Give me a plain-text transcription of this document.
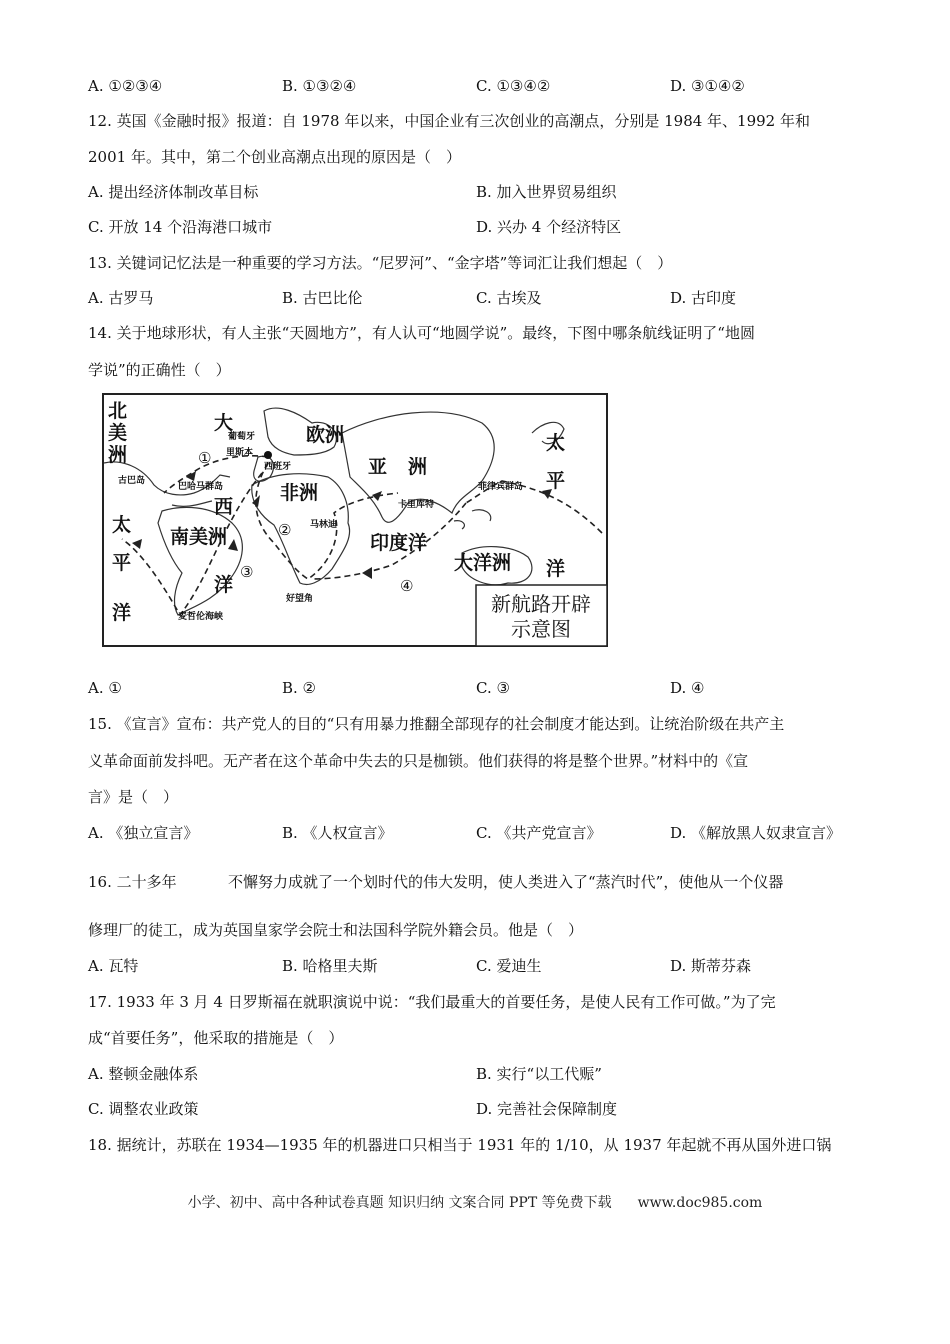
A. ①②③④	B. ①③②④	C. ①③④②	D. ③①④②
12. 英国《金融时报》报道：自 1978 年以来，中国企业有三次创业的高潮点，分别是 1984 年、1992 年和
2001 年。其中，第二个创业高潮点出现的原因是（　）
A. 提出经济体制改革目标	B. 加入世界贸易组织
C. 开放 14 个沿海港口城市	D. 兴办 4 个经济特区
13. 关键词记忆法是一种重要的学习方法。“尼罗河”、“金字塔”等词汇让我们想起（　）
A. 古罗马	B. 古巴比伦	C. 古埃及	D. 古印度
14. 关于地球形状，有人主张“天圆地方”，有人认可“地圆学说”。最终，下图中哪条航线证明了“地圆
学说”的正确性（　）
北
美
洲
大
西
洋
欧洲
亚 洲
非洲
南美洲	印度洋
大洋洲
太
平
洋
太
平
洋
葡萄牙
里斯本
西班牙
古巴岛
巴哈马群岛
卡里库特
菲律宾群岛
马林迪
好望角
麦哲伦海峡
①
②
③
④
新航路开辟
示意图
A. ①	B. ②	C. ③	D. ④
15. 《宣言》宣布：共产党人的目的“只有用暴力推翻全部现存的社会制度才能达到。让统治阶级在共产主
义革命面前发抖吧。无产者在这个革命中失去的只是枷锁。他们获得的将是整个世界。”材料中的《宣
言》是（　）
A. 《独立宣言》	B. 《人权宣言》	C. 《共产党宣言》	D. 《解放黑人奴隶宣言》
16. 二十多年	不懈努力成就了一个划时代的伟大发明，使人类进入了“蒸汽时代”，使他从一个仪器
修理厂的徒工，成为英国皇家学会院士和法国科学院外籍会员。他是（　）
A. 瓦特	B. 哈格里夫斯	C. 爱迪生	D. 斯蒂芬森
17. 1933 年 3 月 4 日罗斯福在就职演说中说：“我们最重大的首要任务，是使人民有工作可做。”为了完
成“首要任务”，他采取的措施是（　）
A. 整顿金融体系	B. 实行“以工代赈”
C. 调整农业政策	D. 完善社会保障制度
18. 据统计，苏联在 1934—1935 年的机器进口只相当于 1931 年的 1/10，从 1937 年起就不再从国外进口锅
小学、初中、高中各种试卷真题 知识归纳 文案合同 PPT 等免费下载 www.doc985.com
